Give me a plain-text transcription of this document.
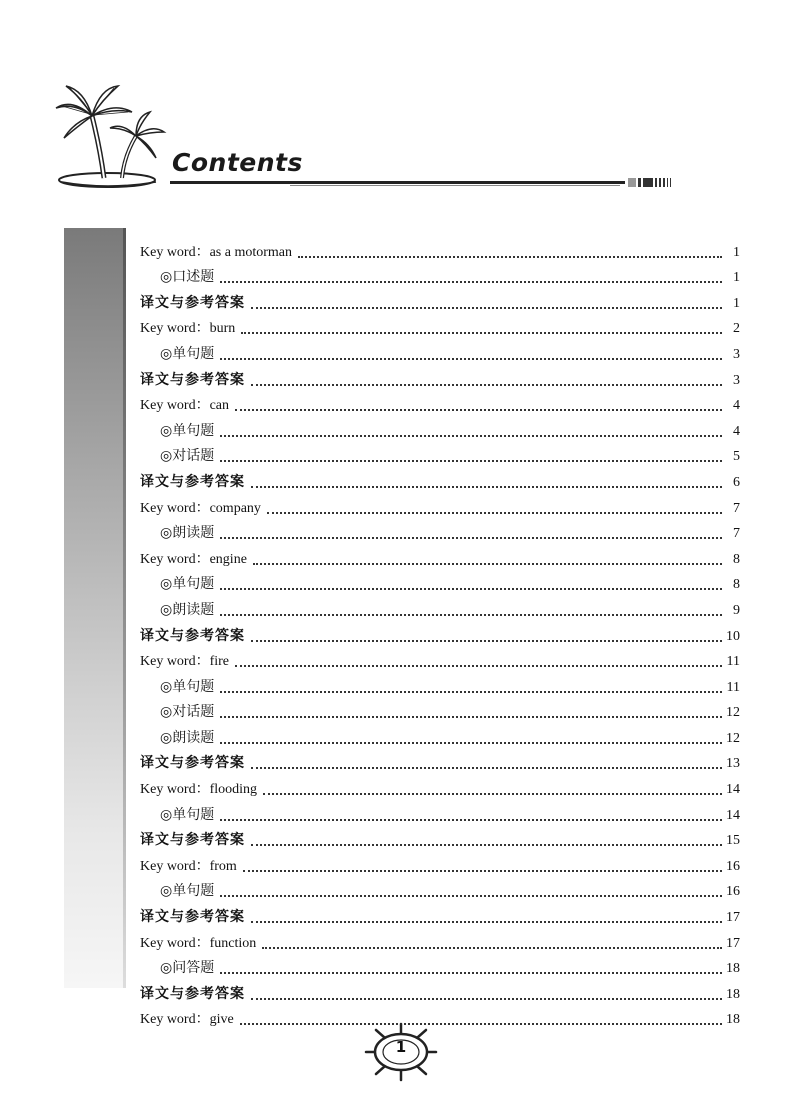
Contents
Key word：as a motorman	1
◎口述题	1
译文与参考答案	1
Key word：burn	2
◎单句题	3
译文与参考答案	3
Key word：can	4
◎单句题	4
◎对话题	5
译文与参考答案	6
Key word：company	7
◎朗读题	7
Key word：engine	8
◎单句题	8
◎朗读题	9
译文与参考答案	10
Key word：fire	11
◎单句题	11
◎对话题	12
◎朗读题	12
译文与参考答案	13
Key word：flooding	14
◎单句题	14
译文与参考答案	15
Key word：from	16
◎单句题	16
译文与参考答案	17
Key word：function	17
◎问答题	18
译文与参考答案	18
Key word：give	18
1
